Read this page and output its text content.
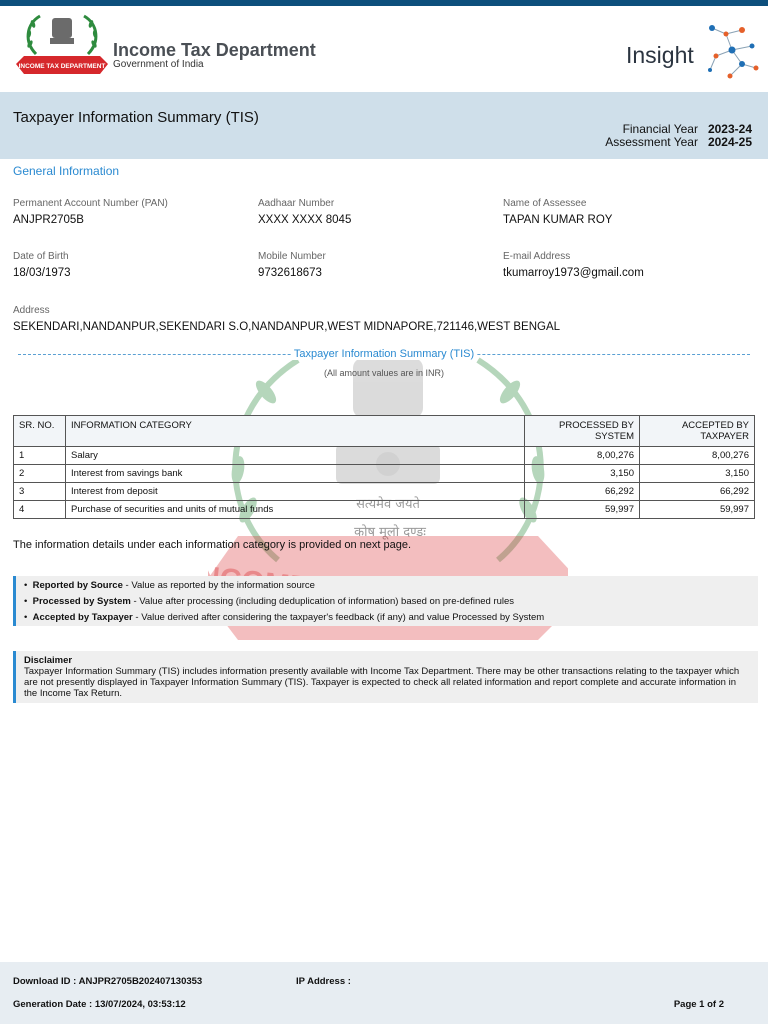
INCOME TAX DEPARTMENT
Income Tax Department
Government of India	Insight
Taxpayer Information Summary (TIS)
Financial Year 2023-24
Assessment Year 2024-25
सत्यमेव जयते
कोष मूलो दण्डः
General Information
Permanent Account Number (PAN)
ANJPR2705B
Aadhaar Number
XXXX XXXX 8045
Name of Assessee
TAPAN KUMAR ROY
Date of Birth
18/03/1973
Mobile Number
9732618673
E-mail Address
tkumarroy1973@gmail.com
Address
SEKENDARI,NANDANPUR,SEKENDARI S.O,NANDANPUR,WEST MIDNAPORE,721146,WEST BENGAL
Taxpayer Information Summary (TIS)
(All amount values are in INR)
SR. NO.	INFORMATION CATEGORY	PROCESSED BY SYSTEM	ACCEPTED BY TAXPAYER
1	Salary	8,00,276	8,00,276
2	Interest from savings bank	3,150	3,150
3	Interest from deposit	66,292	66,292
4	Purchase of securities and units of mutual funds	59,997	59,997
The information details under each information category is provided on next page.
•  Reported by Source - Value as reported by the information source
•  Processed by System - Value after processing (including deduplication of information) based on pre-defined rules
•  Accepted by Taxpayer - Value derived after considering the taxpayer's feedback (if any) and value Processed by System
Disclaimer
Taxpayer Information Summary (TIS) includes information presently available with Income Tax Department. There may be other transactions relating to the taxpayer which are not presently displayed in Taxpayer Information Summary (TIS). Taxpayer is expected to check all related information and report complete and accurate information in the Income Tax Return.
Download ID : ANJPR2705B202407130353	IP Address :
Generation Date : 13/07/2024, 03:53:12	Page 1 of 2
